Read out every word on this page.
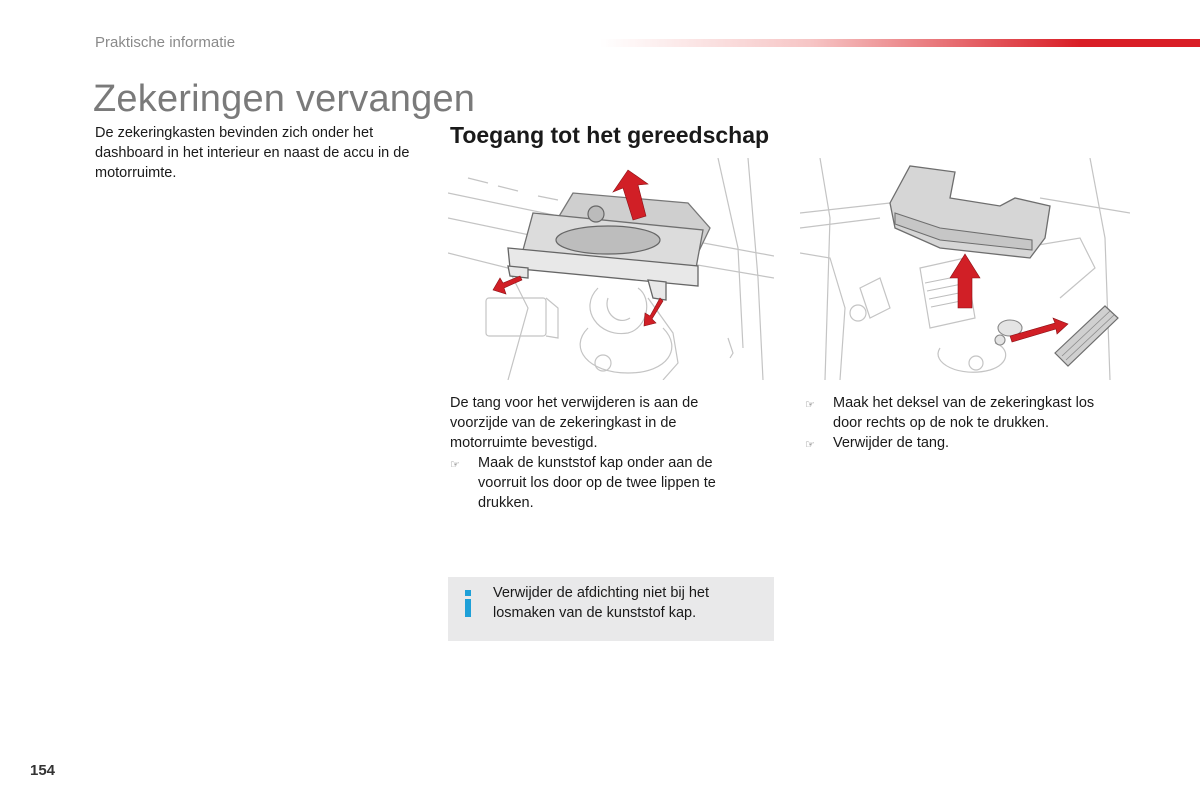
Praktische informatie
Zekeringen vervangen

De zekeringkasten bevinden zich onder het dashboard in het interieur en naast de accu in de motorruimte.

Toegang tot het gereedschap

De tang voor het verwijderen is aan de voorzijde van de zekeringkast in de motorruimte bevestigd.

☞	Maak de kunststof kap onder aan de voorruit los door op de twee lippen te drukken.
☞	Maak het deksel van de zekeringkast los door rechts op de nok te drukken.
☞	Verwijder de tang.
Verwijder de afdichting niet bij het losmaken van de kunststof kap.
154
